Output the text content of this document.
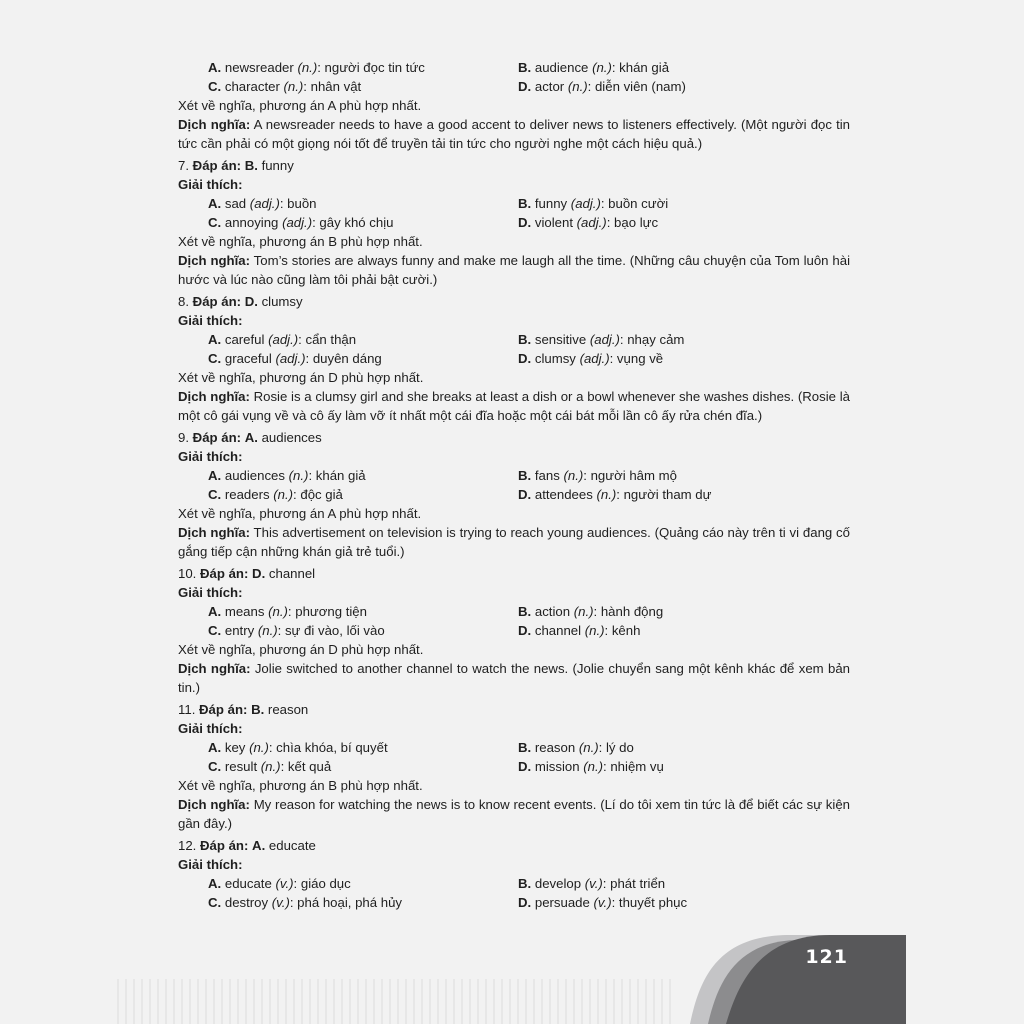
A. newsreader (n.): người đọc tin tức	B. audience (n.): khán giả
C. character (n.): nhân vật	D. actor (n.): diễn viên (nam)
Xét về nghĩa, phương án A phù hợp nhất.
Dịch nghĩa: A newsreader needs to have a good accent to deliver news to listeners effectively. (Một người đọc tin tức cần phải có một giọng nói tốt để truyền tải tin tức cho người nghe một cách hiệu quả.)
7. Đáp án: B. funny
Giải thích:
A. sad (adj.): buồn	B. funny (adj.): buồn cười
C. annoying (adj.): gây khó chịu	D. violent (adj.): bạo lực
Xét về nghĩa, phương án B phù hợp nhất.
Dịch nghĩa: Tom’s stories are always funny and make me laugh all the time. (Những câu chuyện của Tom luôn hài hước và lúc nào cũng làm tôi phải bật cười.)
8. Đáp án: D. clumsy
Giải thích:
A. careful (adj.): cẩn thận	B. sensitive (adj.): nhạy cảm
C. graceful (adj.): duyên dáng	D. clumsy (adj.): vụng về
Xét về nghĩa, phương án D phù hợp nhất.
Dịch nghĩa: Rosie is a clumsy girl and she breaks at least a dish or a bowl whenever she washes dishes. (Rosie là một cô gái vụng về và cô ấy làm vỡ ít nhất một cái đĩa hoặc một cái bát mỗi lần cô ấy rửa chén đĩa.)
9. Đáp án: A. audiences
Giải thích:
A. audiences (n.): khán giả	B. fans (n.): người hâm mộ
C. readers (n.): độc giả	D. attendees (n.): người tham dự
Xét về nghĩa, phương án A phù hợp nhất.
Dịch nghĩa: This advertisement on television is trying to reach young audiences. (Quảng cáo này trên ti vi đang cố gắng tiếp cận những khán giả trẻ tuổi.)
10. Đáp án: D. channel
Giải thích:
A. means (n.): phương tiện	B. action (n.): hành động
C. entry (n.): sự đi vào, lối vào	D. channel (n.): kênh
Xét về nghĩa, phương án D phù hợp nhất.
Dịch nghĩa: Jolie switched to another channel to watch the news. (Jolie chuyển sang một kênh khác để xem bản tin.)
11. Đáp án: B. reason
Giải thích:
A. key (n.): chìa khóa, bí quyết	B. reason (n.): lý do
C. result (n.): kết quả	D. mission (n.): nhiệm vụ
Xét về nghĩa, phương án B phù hợp nhất.
Dịch nghĩa: My reason for watching the news is to know recent events. (Lí do tôi xem tin tức là để biết các sự kiện gần đây.)
12. Đáp án: A. educate
Giải thích:
A. educate (v.): giáo dục	B. develop (v.): phát triển
C. destroy (v.): phá hoại, phá hủy	D. persuade (v.): thuyết phục
121
